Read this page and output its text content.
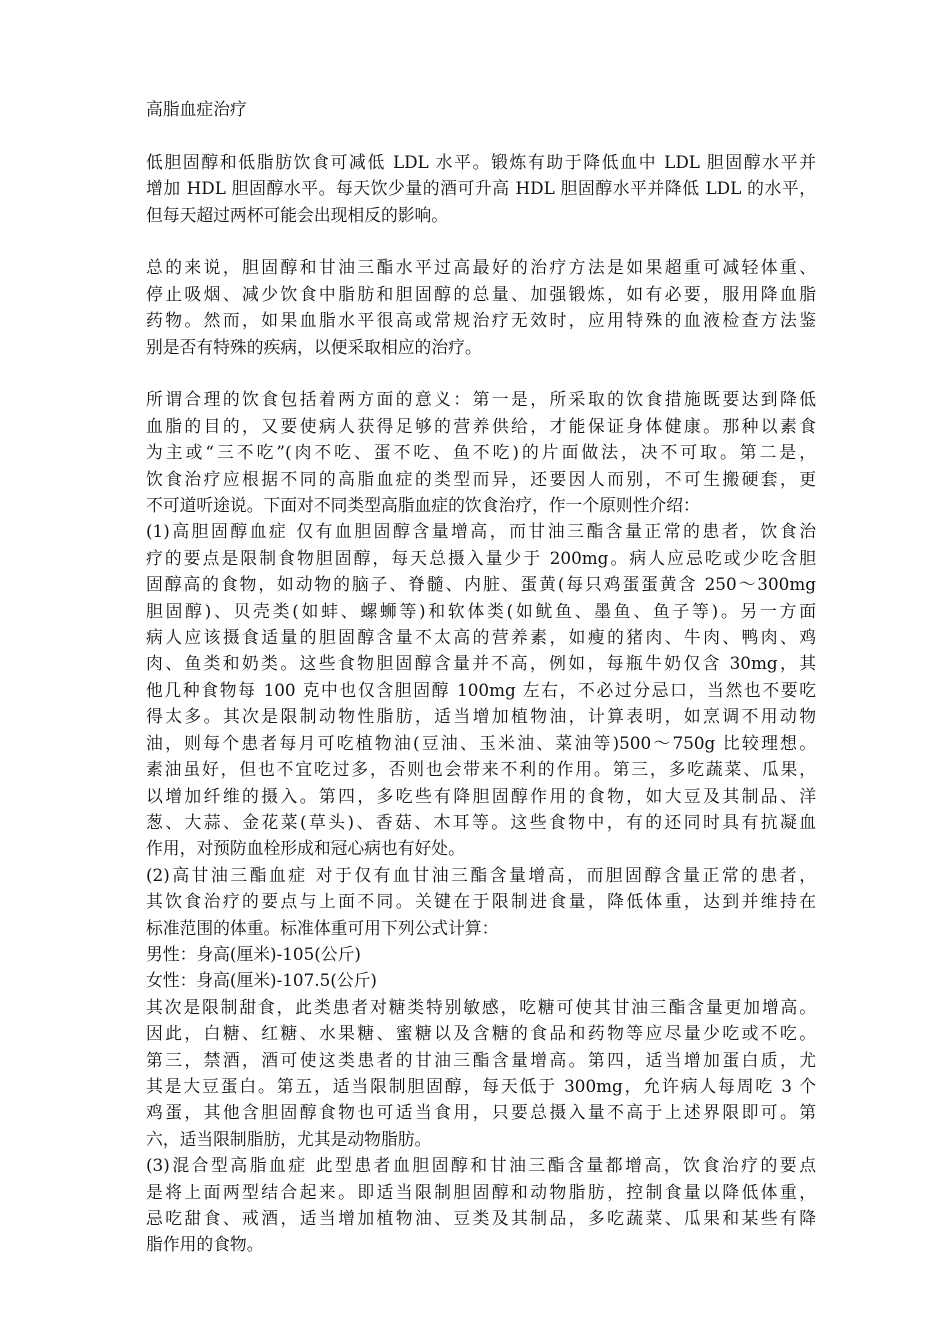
高脂血症治疗
低胆固醇和低脂肪饮食可减低 LDL 水平。锻炼有助于降低血中 LDL 胆固醇水平并
增加 HDL 胆固醇水平。每天饮少量的酒可升高 HDL 胆固醇水平并降低 LDL 的水平，
但每天超过两杯可能会出现相反的影响。
总的来说，胆固醇和甘油三酯水平过高最好的治疗方法是如果超重可减轻体重、
停止吸烟、减少饮食中脂肪和胆固醇的总量、加强锻炼，如有必要，服用降血脂
药物。然而，如果血脂水平很高或常规治疗无效时，应用特殊的血液检查方法鉴
别是否有特殊的疾病，以便采取相应的治疗。
所谓合理的饮食包括着两方面的意义：第一是，所采取的饮食措施既要达到降低
血脂的目的，又要使病人获得足够的营养供给，才能保证身体健康。那种以素食
为主或“三不吃”(肉不吃、蛋不吃、鱼不吃)的片面做法，决不可取。第二是，
饮食治疗应根据不同的高脂血症的类型而异，还要因人而别，不可生搬硬套，更
不可道听途说。下面对不同类型高脂血症的饮食治疗，作一个原则性介绍：
(1)高胆固醇血症 仅有血胆固醇含量增高，而甘油三酯含量正常的患者，饮食治
疗的要点是限制食物胆固醇，每天总摄入量少于 200mg。病人应忌吃或少吃含胆
固醇高的食物，如动物的脑子、脊髓、内脏、蛋黄(每只鸡蛋蛋黄含 250～300mg
胆固醇)、贝壳类(如蚌、螺蛳等)和软体类(如鱿鱼、墨鱼、鱼子等)。另一方面
病人应该摄食适量的胆固醇含量不太高的营养素，如瘦的猪肉、牛肉、鸭肉、鸡
肉、鱼类和奶类。这些食物胆固醇含量并不高，例如，每瓶牛奶仅含 30mg，其
他几种食物每 100 克中也仅含胆固醇 100mg 左右，不必过分忌口，当然也不要吃
得太多。其次是限制动物性脂肪，适当增加植物油，计算表明，如烹调不用动物
油，则每个患者每月可吃植物油(豆油、玉米油、菜油等)500～750g 比较理想。
素油虽好，但也不宜吃过多，否则也会带来不利的作用。第三，多吃蔬菜、瓜果，
以增加纤维的摄入。第四，多吃些有降胆固醇作用的食物，如大豆及其制品、洋
葱、大蒜、金花菜(草头)、香菇、木耳等。这些食物中，有的还同时具有抗凝血
作用，对预防血栓形成和冠心病也有好处。
(2)高甘油三酯血症 对于仅有血甘油三酯含量增高，而胆固醇含量正常的患者，
其饮食治疗的要点与上面不同。关键在于限制进食量，降低体重，达到并维持在
标准范围的体重。标准体重可用下列公式计算：
男性：身高(厘米)-105(公斤)
女性：身高(厘米)-107.5(公斤)
其次是限制甜食，此类患者对糖类特别敏感，吃糖可使其甘油三酯含量更加增高。
因此，白糖、红糖、水果糖、蜜糖以及含糖的食品和药物等应尽量少吃或不吃。
第三，禁酒，酒可使这类患者的甘油三酯含量增高。第四，适当增加蛋白质，尤
其是大豆蛋白。第五，适当限制胆固醇，每天低于 300mg，允许病人每周吃 3 个
鸡蛋，其他含胆固醇食物也可适当食用，只要总摄入量不高于上述界限即可。第
六，适当限制脂肪，尤其是动物脂肪。
(3)混合型高脂血症 此型患者血胆固醇和甘油三酯含量都增高，饮食治疗的要点
是将上面两型结合起来。即适当限制胆固醇和动物脂肪，控制食量以降低体重，
忌吃甜食、戒酒，适当增加植物油、豆类及其制品，多吃蔬菜、瓜果和某些有降
脂作用的食物。
